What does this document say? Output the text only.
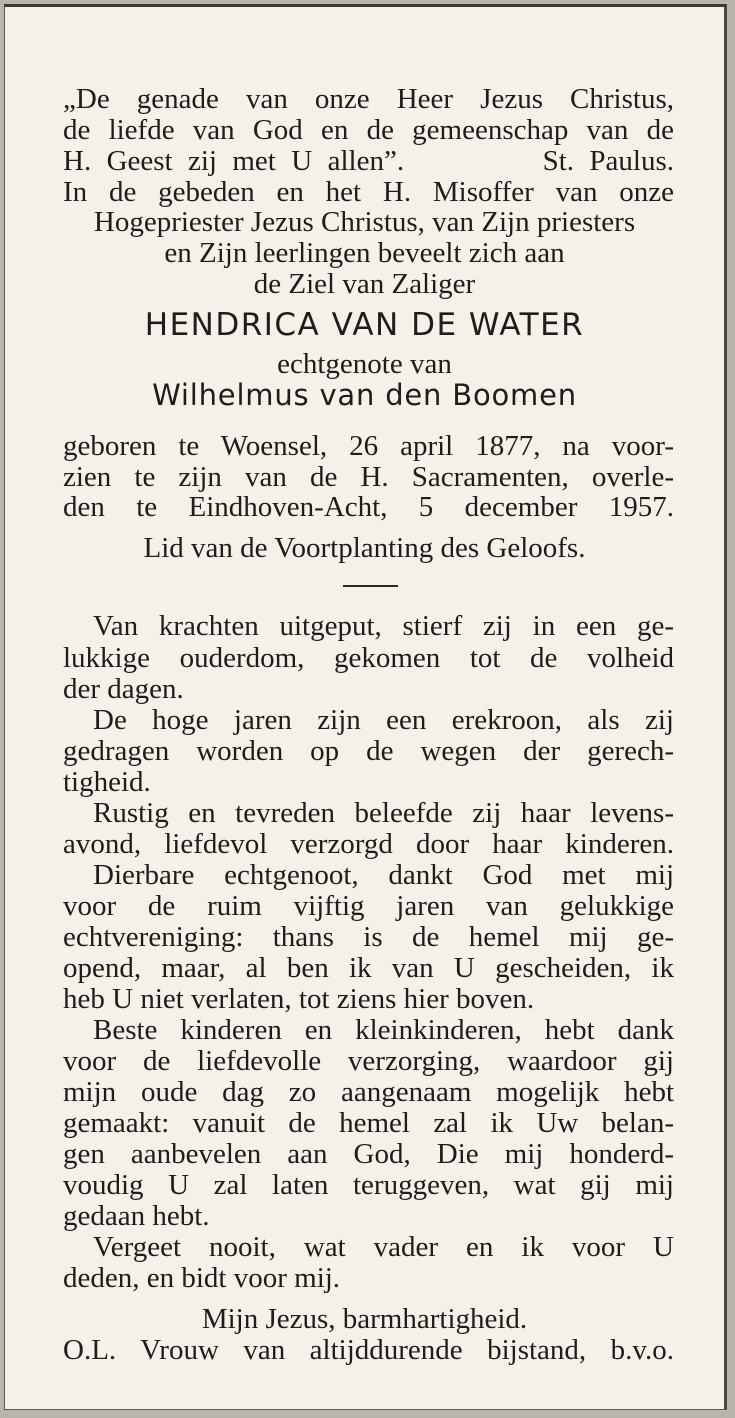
„De genade van onze Heer Jezus Christus,
de liefde van God en de gemeenschap van de
H. Geest zij met U allen”.         St. Paulus.
In de gebeden en het H. Misoffer van onze
Hogepriester Jezus Christus, van Zijn priesters
en Zijn leerlingen beveelt zich aan
de Ziel van Zaliger
HENDRICA VAN DE WATER
echtgenote van
Wilhelmus van den Boomen
geboren te Woensel, 26 april 1877, na voor-
zien te zijn van de H. Sacramenten, overle-
den te Eindhoven-Acht, 5 december 1957.
Lid van de Voortplanting des Geloofs.
Van krachten uitgeput, stierf zij in een ge-
lukkige ouderdom, gekomen tot de volheid
der dagen.
De hoge jaren zijn een erekroon, als zij
gedragen worden op de wegen der gerech-
tigheid.
Rustig en tevreden beleefde zij haar levens-
avond, liefdevol verzorgd door haar kinderen.
Dierbare echtgenoot, dankt God met mij
voor de ruim vijftig jaren van gelukkige
echtvereniging: thans is de hemel mij ge-
opend, maar, al ben ik van U gescheiden, ik
heb U niet verlaten, tot ziens hier boven.
Beste kinderen en kleinkinderen, hebt dank
voor de liefdevolle verzorging, waardoor gij
mijn oude dag zo aangenaam mogelijk hebt
gemaakt: vanuit de hemel zal ik Uw belan-
gen aanbevelen aan God, Die mij honderd-
voudig U zal laten teruggeven, wat gij mij
gedaan hebt.
Vergeet nooit, wat vader en ik voor U
deden, en bidt voor mij.
Mijn Jezus, barmhartigheid.
O.L. Vrouw van altijddurende bijstand, b.v.o.
